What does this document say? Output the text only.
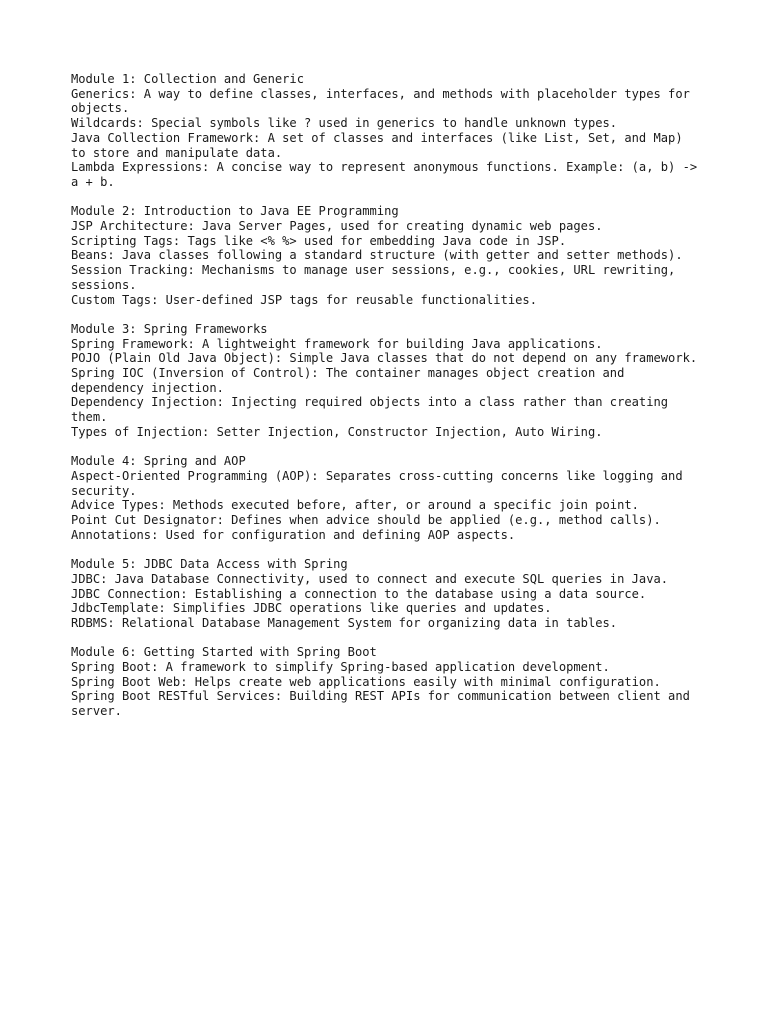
Module 1: Collection and Generic
Generics: A way to define classes, interfaces, and methods with placeholder types for objects.
Wildcards: Special symbols like ? used in generics to handle unknown types.
Java Collection Framework: A set of classes and interfaces (like List, Set, and Map) to store and manipulate data.
Lambda Expressions: A concise way to represent anonymous functions. Example: (a, b) -> a + b.
Module 2: Introduction to Java EE Programming
JSP Architecture: Java Server Pages, used for creating dynamic web pages.
Scripting Tags: Tags like <% %> used for embedding Java code in JSP.
Beans: Java classes following a standard structure (with getter and setter methods).
Session Tracking: Mechanisms to manage user sessions, e.g., cookies, URL rewriting, sessions.
Custom Tags: User-defined JSP tags for reusable functionalities.
Module 3: Spring Frameworks
Spring Framework: A lightweight framework for building Java applications.
POJO (Plain Old Java Object): Simple Java classes that do not depend on any framework.
Spring IOC (Inversion of Control): The container manages object creation and dependency injection.
Dependency Injection: Injecting required objects into a class rather than creating them.
Types of Injection: Setter Injection, Constructor Injection, Auto Wiring.
Module 4: Spring and AOP
Aspect-Oriented Programming (AOP): Separates cross-cutting concerns like logging and security.
Advice Types: Methods executed before, after, or around a specific join point.
Point Cut Designator: Defines when advice should be applied (e.g., method calls).
Annotations: Used for configuration and defining AOP aspects.
Module 5: JDBC Data Access with Spring
JDBC: Java Database Connectivity, used to connect and execute SQL queries in Java.
JDBC Connection: Establishing a connection to the database using a data source.
JdbcTemplate: Simplifies JDBC operations like queries and updates.
RDBMS: Relational Database Management System for organizing data in tables.
Module 6: Getting Started with Spring Boot
Spring Boot: A framework to simplify Spring-based application development.
Spring Boot Web: Helps create web applications easily with minimal configuration.
Spring Boot RESTful Services: Building REST APIs for communication between client and server.
